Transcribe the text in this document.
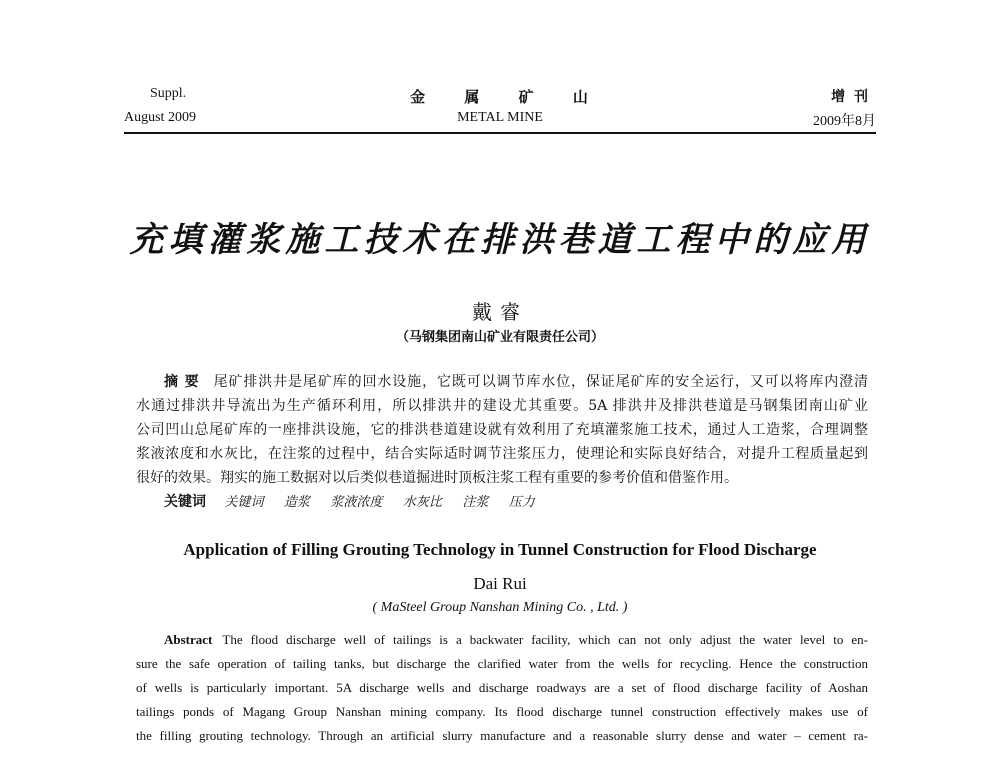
Suppl.
August 2009
金 属 矿 山
METAL MINE
增 刊
2009年8月
充填灌浆施工技术在排洪巷道工程中的应用
戴睿
（马钢集团南山矿业有限责任公司）
摘 要 尾矿排洪井是尾矿库的回水设施，它既可以调节库水位，保证尾矿库的安全运行，又可以将库内澄清
水通过排洪井导流出为生产循环利用，所以排洪井的建设尤其重要。5A 排洪井及排洪巷道是马钢集团南山矿业
公司凹山总尾矿库的一座排洪设施，它的排洪巷道建设就有效利用了充填灌浆施工技术，通过人工造浆，合理调整
浆液浓度和水灰比，在注浆的过程中，结合实际适时调节注浆压力，使理论和实际良好结合，对提升工程质量起到
很好的效果。翔实的施工数据对以后类似巷道掘进时顶板注浆工程有重要的参考价值和借鉴作用。
关键词 关键词 造浆 浆液浓度 水灰比 注浆 压力
Application of Filling Grouting Technology in Tunnel Construction for Flood Discharge
Dai Rui
( MaSteel Group Nanshan Mining Co. , Ltd. )
Abstract The flood discharge well of tailings is a backwater facility, which can not only adjust the water level to en-
sure the safe operation of tailing tanks, but discharge the clarified water from the wells for recycling. Hence the construction
of wells is particularly important. 5A discharge wells and discharge roadways are a set of flood discharge facility of Aoshan
tailings ponds of Magang Group Nanshan mining company. Its flood discharge tunnel construction effectively makes use of
the filling grouting technology. Through an artificial slurry manufacture and a reasonable slurry dense and water – cement ra-
